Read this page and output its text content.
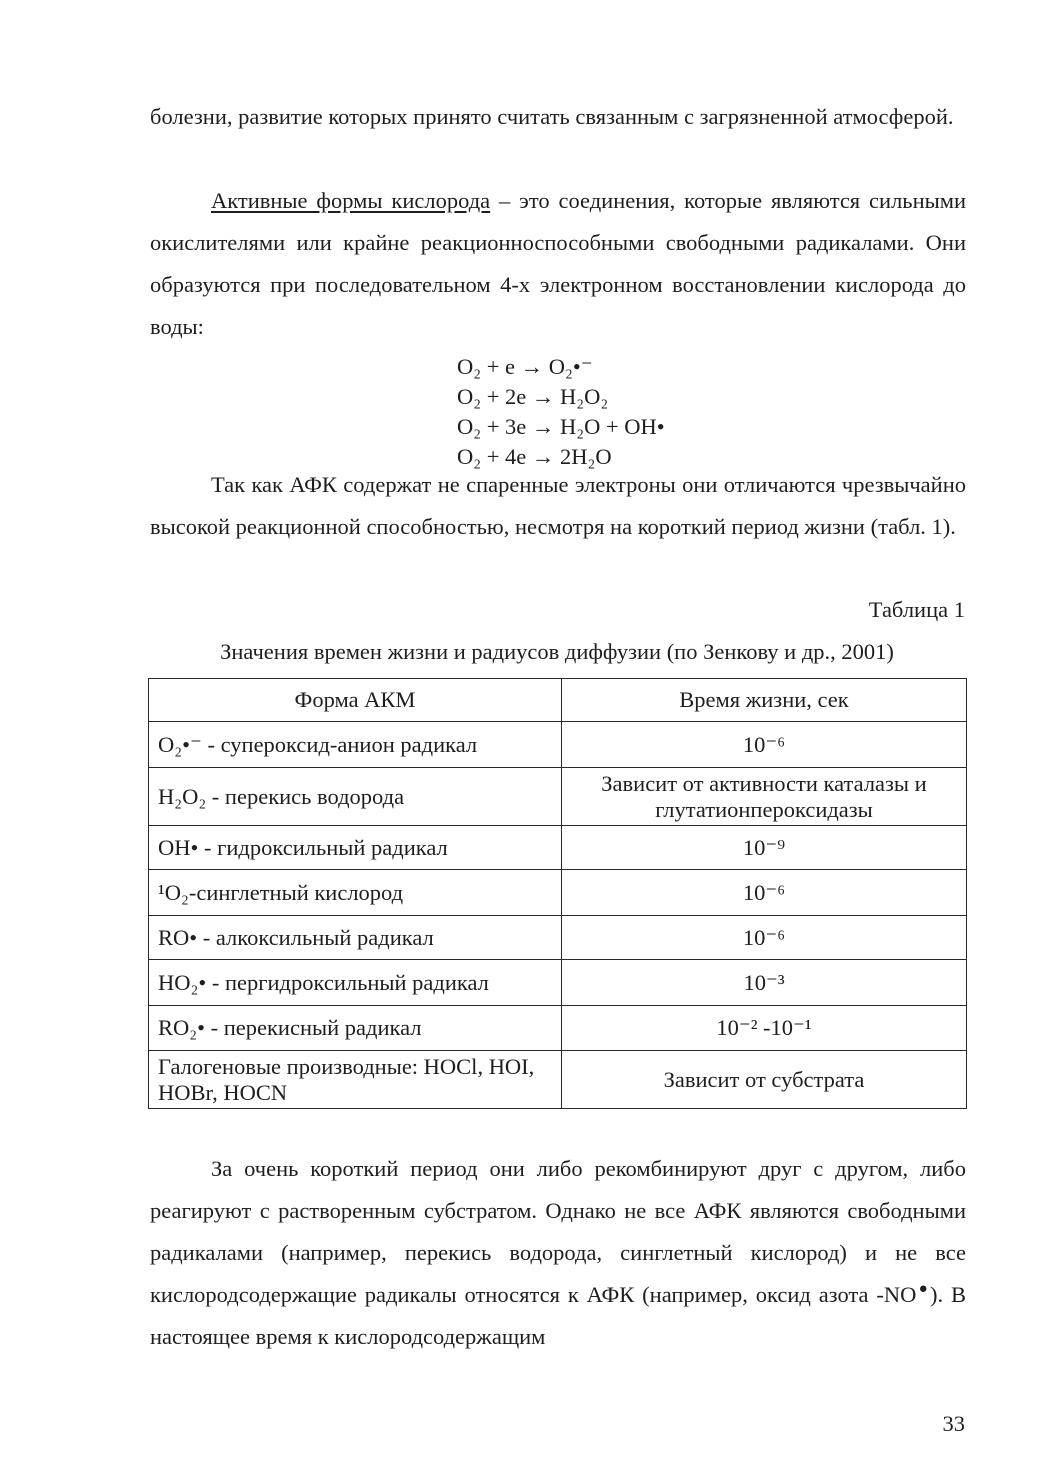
болезни, развитие которых принято считать связанным с загрязненной атмосферой.

Активные формы кислорода – это соединения, которые являются сильными окислителями или крайне реакционноспособными свободными радикалами. Они образуются при последовательном 4-х электронном восстановлении кислорода до воды:

O₂ + e → O₂•⁻
O₂ + 2e → H₂O₂
O₂ + 3e → H₂O + OH•
O₂ + 4e → 2H₂O

Так как АФК содержат не спаренные электроны они отличаются чрезвычайно высокой реакционной способностью, несмотря на короткий период жизни (табл. 1).

Таблица 1
Значения времен жизни и радиусов диффузии (по Зенкову и др., 2001)
Форма АКМ	Время жизни, сек
O₂•⁻ - супероксид-анион радикал	10⁻⁶
H₂O₂ - перекись водорода	Зависит от активности каталазы и глутатионпероксидазы
OH• - гидроксильный радикал	10⁻⁹
¹O₂-синглетный кислород	10⁻⁶
RO• - алкоксильный радикал	10⁻⁶
HO₂• - пергидроксильный радикал	10⁻³
RO₂• - перекисный радикал	10⁻² -10⁻¹
Галогеновые производные: HOCl, HOI, HOBr, HOCN	Зависит от субстрата

За очень короткий период они либо рекомбинируют друг с другом, либо реагируют с растворенным субстратом. Однако не все АФК являются свободными радикалами (например, перекись водорода, синглетный кислород) и не все кислородсодержащие радикалы относятся к АФК (например, оксид азота -NO●). В настоящее время к кислородсодержащим

33
